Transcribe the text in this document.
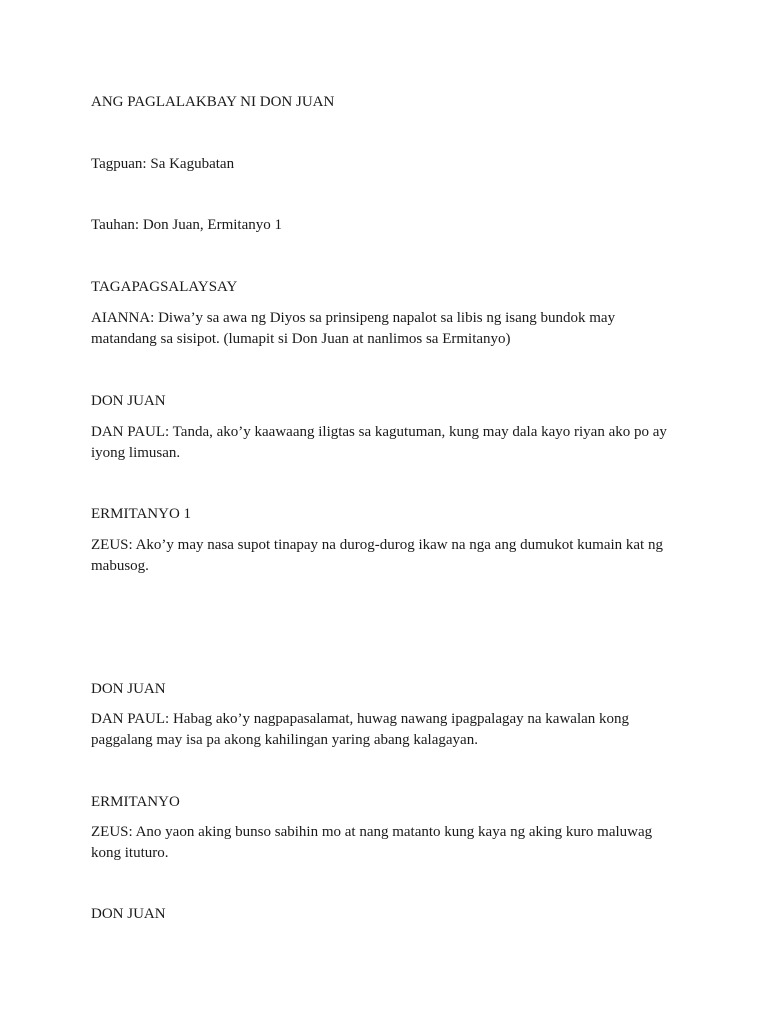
ANG PAGLALAKBAY NI DON JUAN
Tagpuan: Sa Kagubatan
Tauhan: Don Juan, Ermitanyo 1
TAGAPAGSALAYSAY
AIANNA: Diwa’y sa awa ng Diyos sa prinsipeng napalot sa libis ng isang bundok may matandang sa sisipot. (lumapit si Don Juan at nanlimos sa Ermitanyo)
DON JUAN
DAN PAUL: Tanda, ako’y kaawaang iligtas sa kagutuman, kung may dala kayo riyan ako po ay iyong limusan.
ERMITANYO 1
ZEUS: Ako’y may nasa supot tinapay na durog-durog ikaw na nga ang dumukot kumain kat ng mabusog.
DON JUAN
DAN PAUL: Habag ako’y nagpapasalamat, huwag nawang ipagpalagay na kawalan kong paggalang may isa pa akong kahilingan yaring abang kalagayan.
ERMITANYO
ZEUS: Ano yaon aking bunso sabihin mo at nang matanto kung kaya ng aking kuro maluwag kong ituturo.
DON JUAN
